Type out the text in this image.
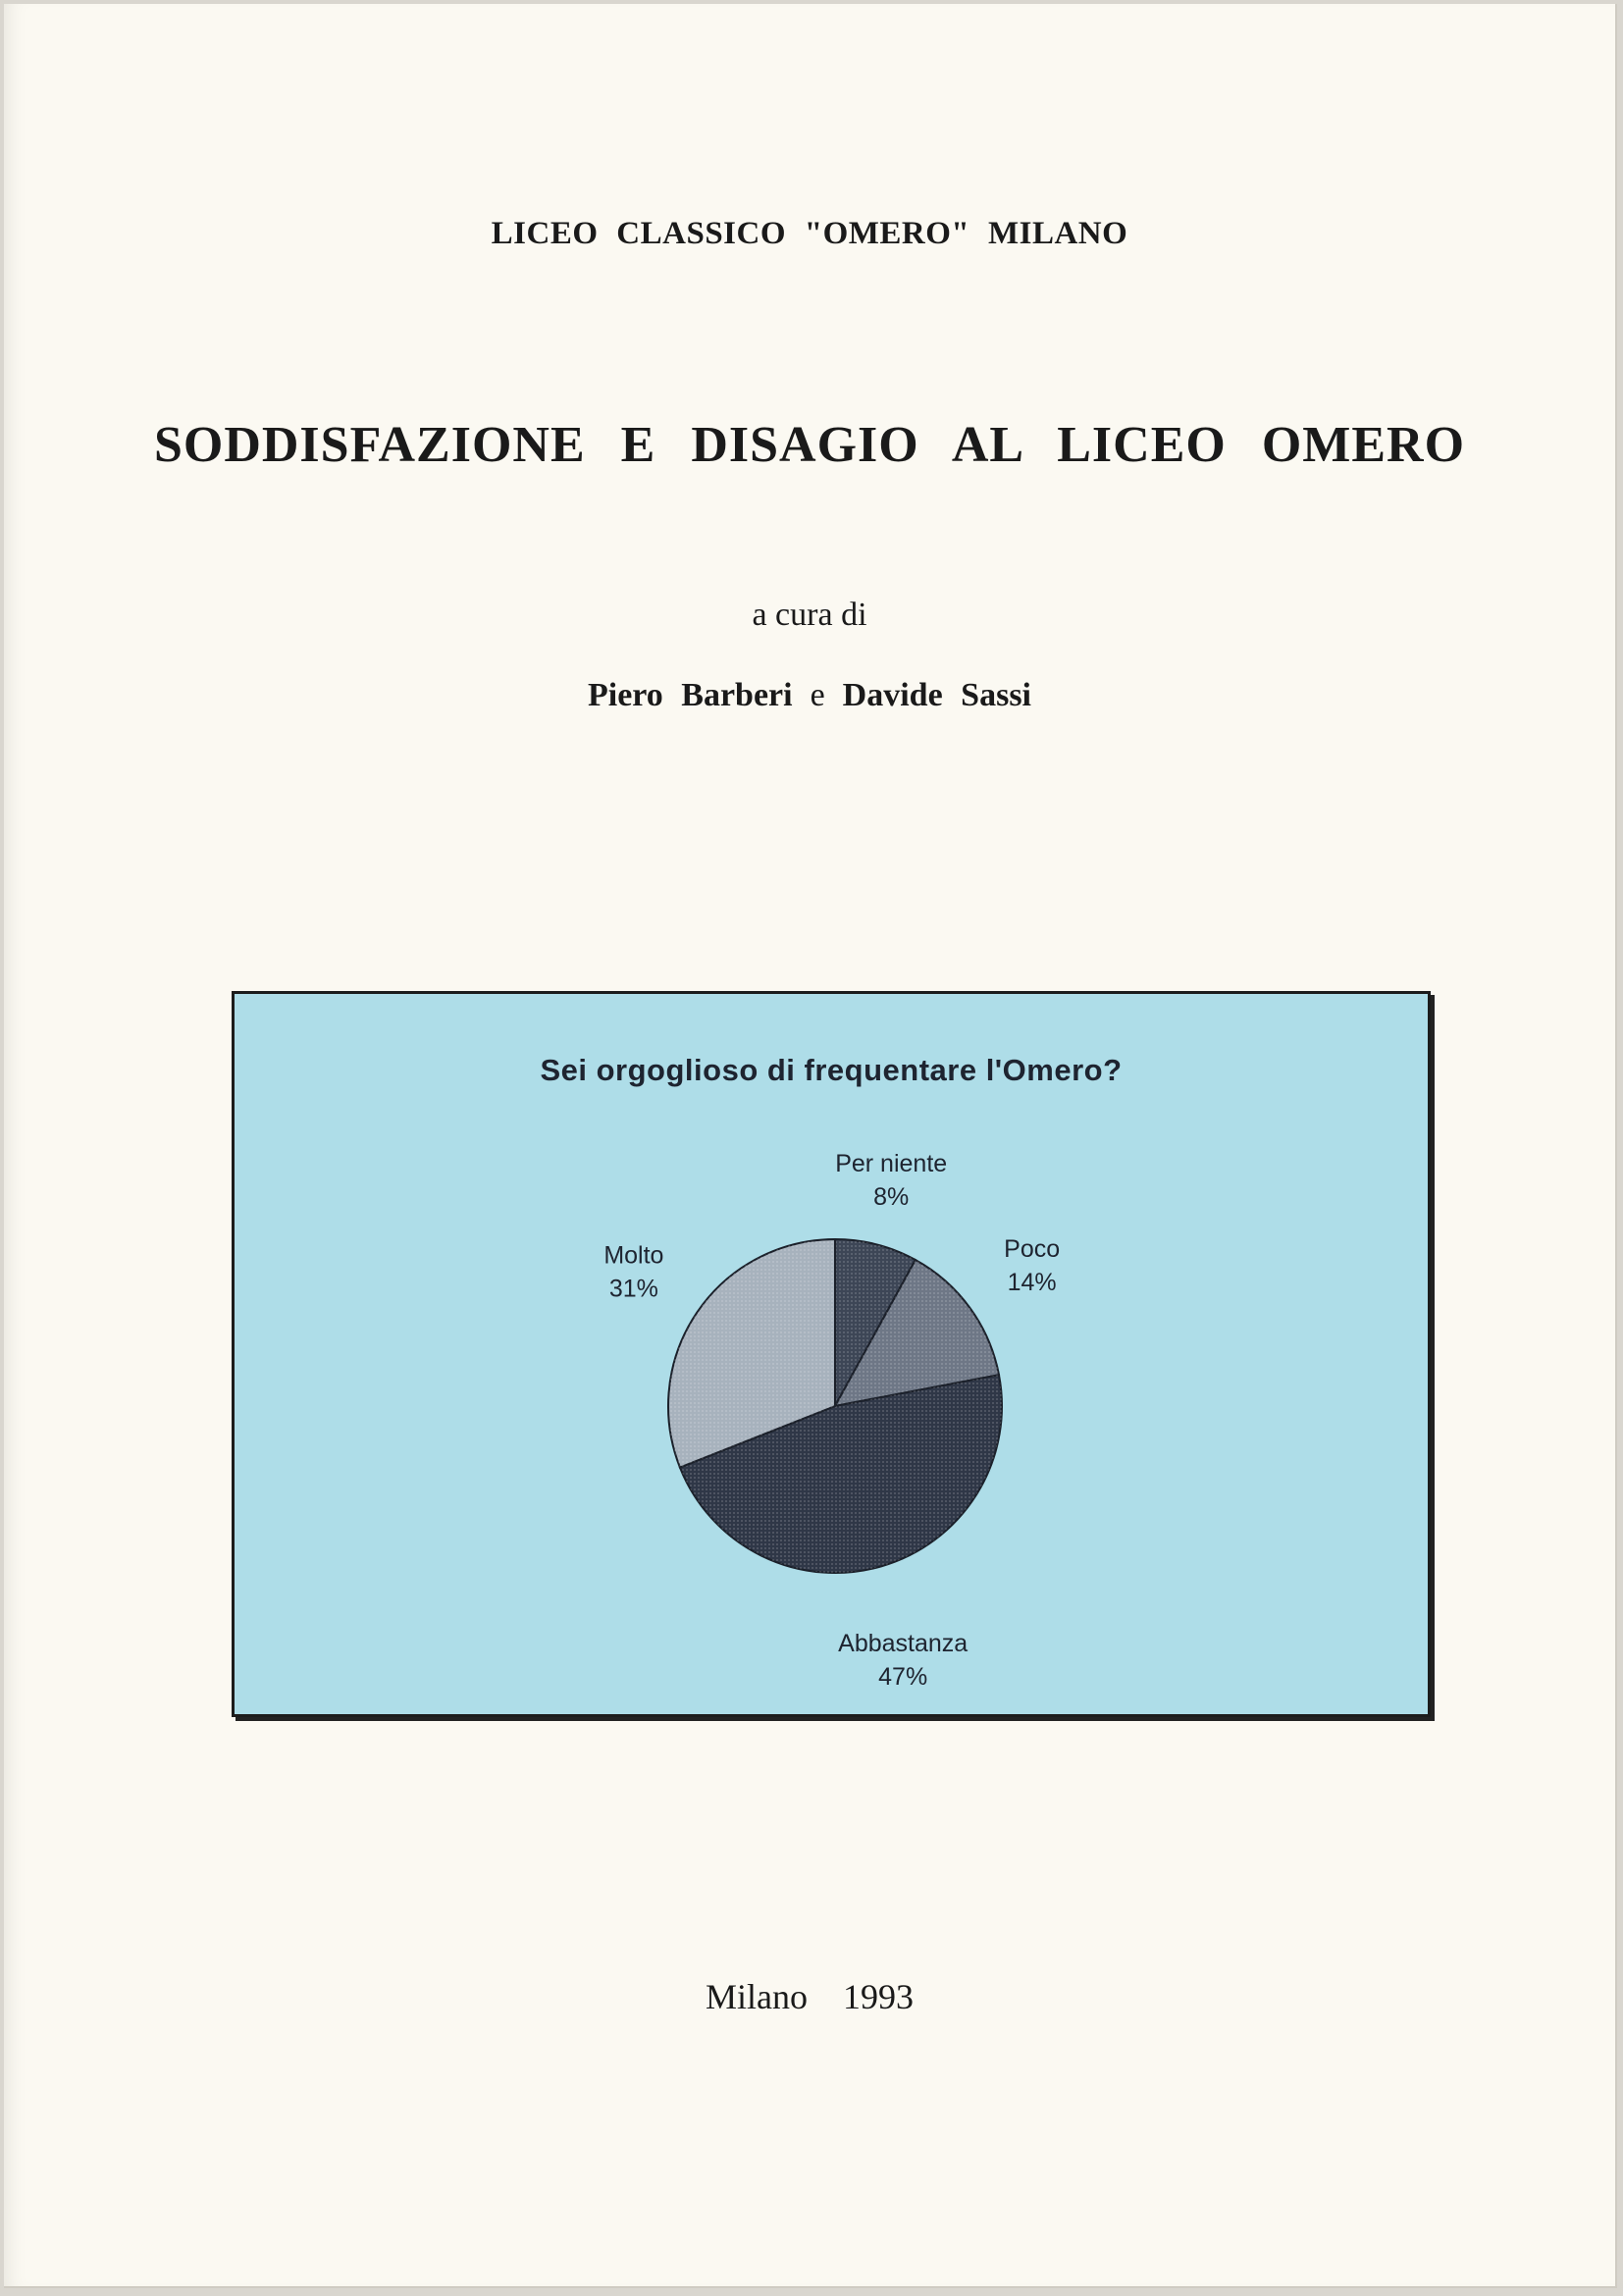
LICEO CLASSICO "OMERO" MILANO

SODDISFAZIONE E DISAGIO AL LICEO OMERO

a cura di

Piero Barberi e Davide Sassi

Sei orgoglioso di frequentare l'Omero?

Per niente
8%
Poco
14%
Abbastanza
47%
Molto
31%

Milano 1993
